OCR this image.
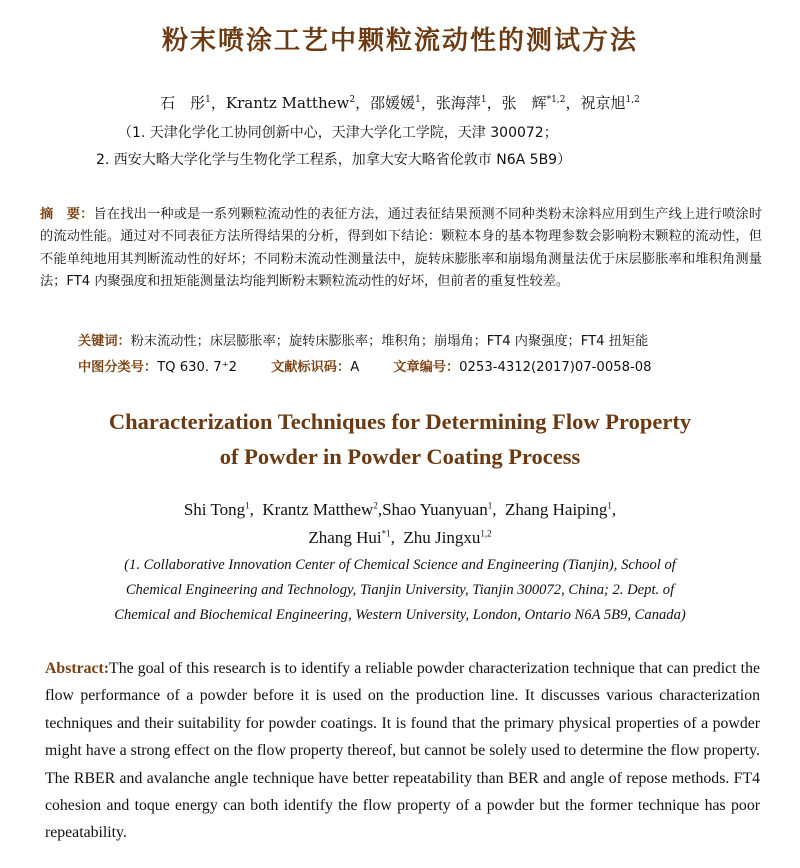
粉末喷涂工艺中颗粒流动性的测试方法
石　彤$^1$，Krantz Matthew$^2$，邵媛媛$^1$，张海萍$^1$，张　辉$^{*1,2}$，祝京旭$^{1,2}$
（1. 天津化学化工协同创新中心，天津大学化工学院，天津 300072；
2. 西安大略大学化学与生物化学工程系，加拿大安大略省伦敦市 N6A 5B9）
摘　要：旨在找出一种或是一系列颗粒流动性的表征方法，通过表征结果预测不同种类粉末涂料应用到生产线上进行喷涂时的流动性能。通过对不同表征方法所得结果的分析，得到如下结论：颗粒本身的基本物理参数会影响粉末颗粒的流动性，但不能单纯地用其判断流动性的好坏；不同粉末流动性测量法中，旋转床膨胀率和崩塌角测量法优于床层膨胀率和堆积角测量法；FT4 内聚强度和扭矩能测量法均能判断粉末颗粒流动性的好坏，但前者的重复性较差。
关键词：粉末流动性；床层膨胀率；旋转床膨胀率；堆积角；崩塌角；FT4 内聚强度；FT4 扭矩能
中图分类号：TQ 630. 7⁺2	文献标识码：A	文章编号：0253-4312(2017)07-0058-08
Characterization Techniques for Determining Flow Property
of Powder in Powder Coating Process
Shi Tong$^1$,  Krantz Matthew$^2$,Shao Yuanyuan$^1$,  Zhang Haiping$^1$,
Zhang Hui$^{*1}$,  Zhu Jingxu$^{1,2}$
(1. Collaborative Innovation Center of Chemical Science and Engineering (Tianjin), School of
Chemical Engineering and Technology, Tianjin University, Tianjin 300072, China; 2. Dept. of
Chemical and Biochemical Engineering, Western University, London, Ontario N6A 5B9, Canada)
Abstract:The goal of this research is to identify a reliable powder characterization technique that can predict the flow performance of a powder before it is used on the production line. It discusses various characterization techniques and their suitability for powder coatings. It is found that the primary physical properties of a powder might have a strong effect on the flow property thereof, but cannot be solely used to determine the flow property. The RBER and avalanche angle technique have better repeatability than BER and angle of repose methods. FT4 cohesion and toque energy can both identify the flow property of a powder but the former technique has poor repeatability.
